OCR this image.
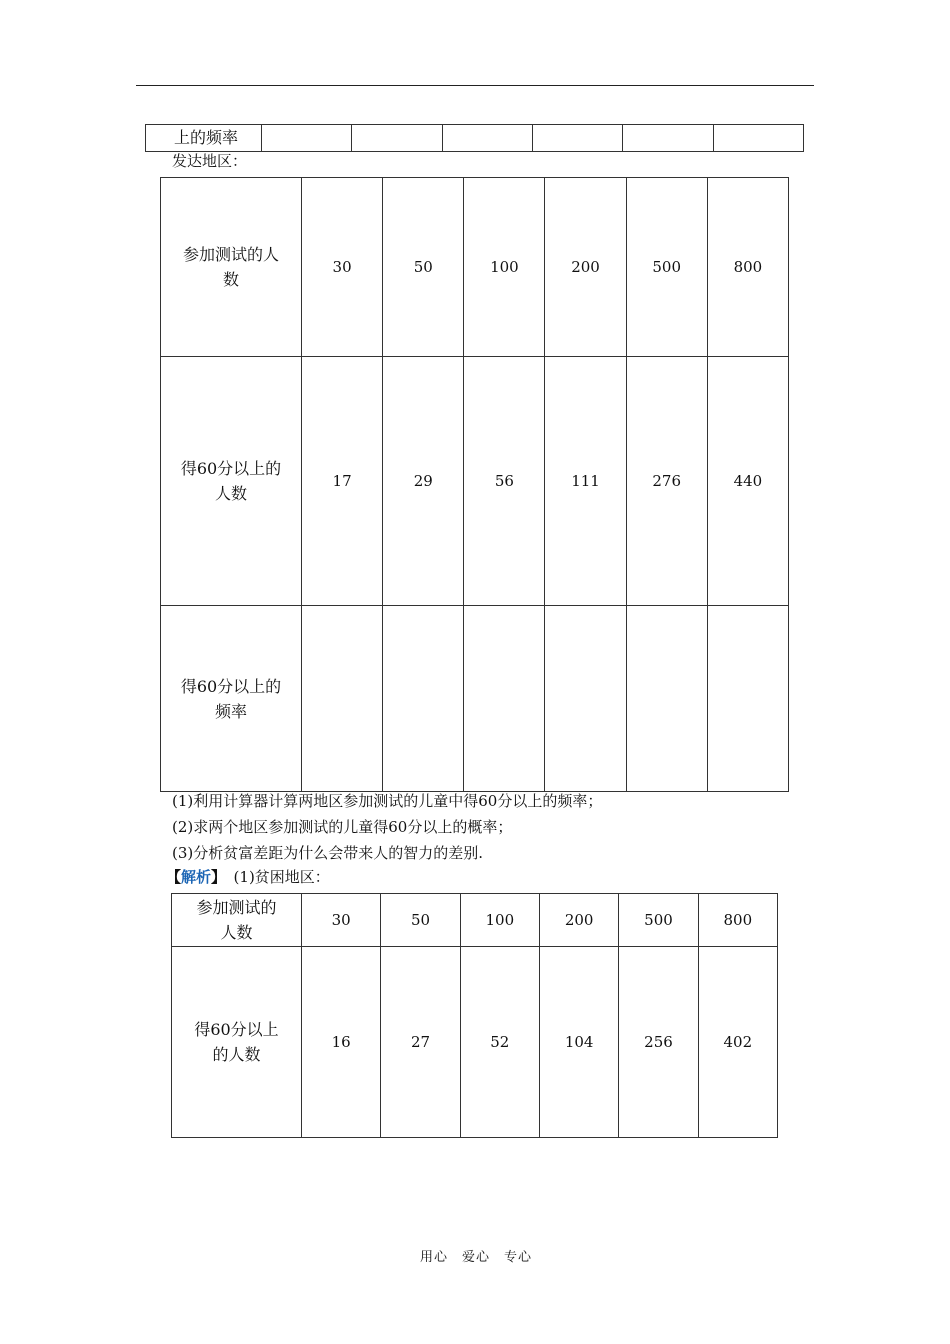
上的频率						
发达地区：
参加测试的人
数	30	50	100	200	500	800

得60分以上的
人数	17	29	56	111	276	440

得60分以上的
频率						

(1)利用计算器计算两地区参加测试的儿童中得60分以上的频率；
(2)求两个地区参加测试的儿童得60分以上的概率；
(3)分析贫富差距为什么会带来人的智力的差别.
【解析】　(1)贫困地区：
参加测试的
人数	30	50	100	200	500	800

得60分以上
的人数	16	27	52	104	256	402
用心　爱心　专心
